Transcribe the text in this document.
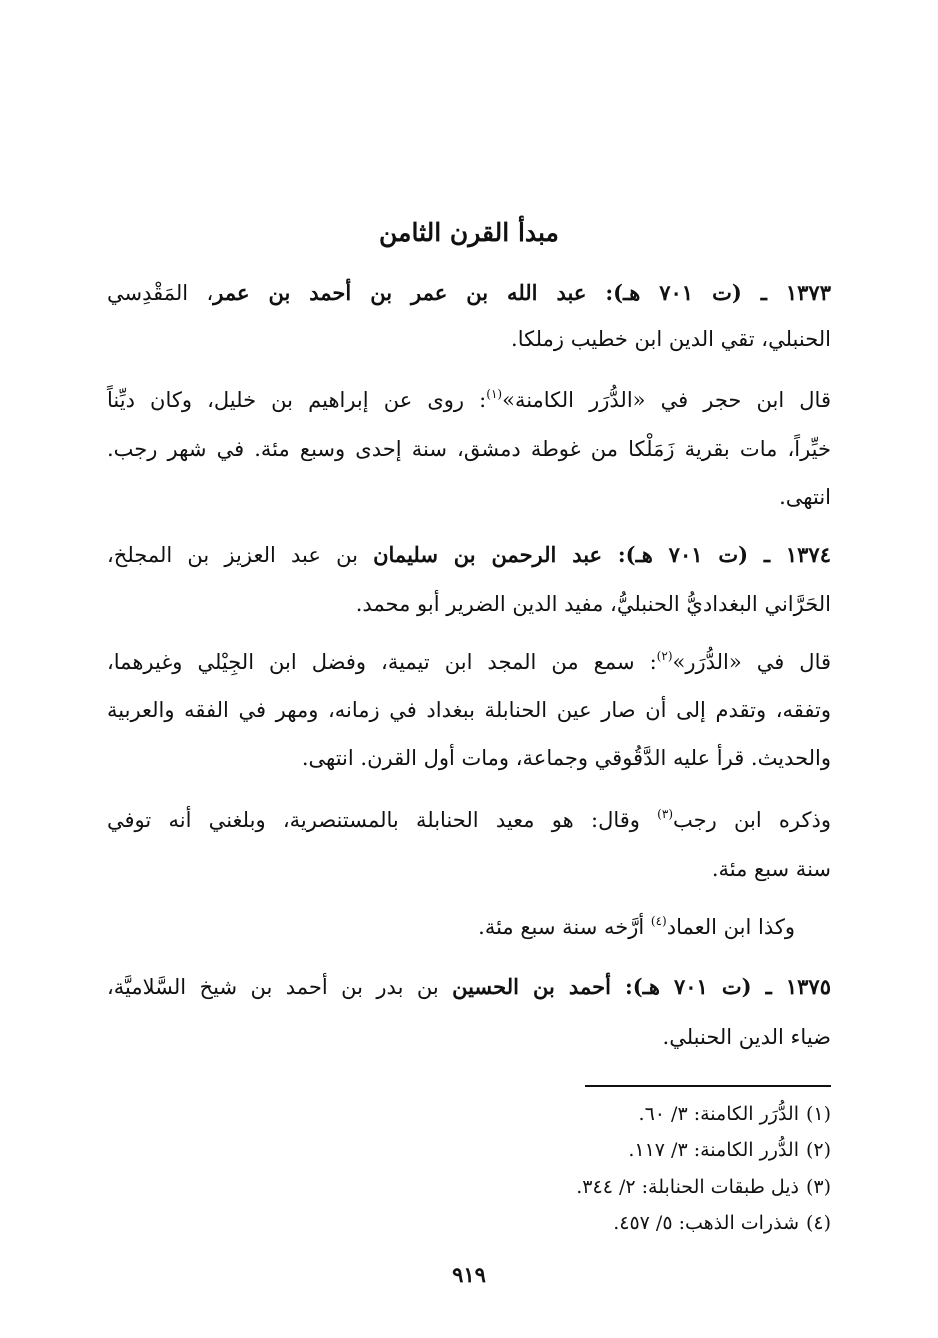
مبدأ القرن الثامن
١٣٧٣ ـ (ت ٧٠١ هـ): عبد الله بن عمر بن أحمد بن عمر، المَقْدِسي
الحنبلي، تقي الدين ابن خطيب زملكا.
قال ابن حجر في «الدُّرَر الكامنة»$^{(١)}$: روى عن إبراهيم بن خليل، وكان ديِّناً
خيِّراً، مات بقرية زَمَلْكا من غوطة دمشق، سنة إحدى وسبع مئة. في شهر رجب.
انتهى.
١٣٧٤ ـ (ت ٧٠١ هـ): عبد الرحمن بن سليمان بن عبد العزيز بن المجلخ،
الحَرَّاني البغداديُّ الحنبليُّ، مفيد الدين الضرير أبو محمد.
قال في «الدُّرَر»$^{(٢)}$: سمع من المجد ابن تيمية، وفضل ابن الجِيْلي وغيرهما،
وتفقه، وتقدم إلى أن صار عين الحنابلة ببغداد في زمانه، ومهر في الفقه والعربية
والحديث. قرأ عليه الدَّقُوقي وجماعة، ومات أول القرن. انتهى.
وذكره ابن رجب$^{(٣)}$ وقال: هو معيد الحنابلة بالمستنصرية، وبلغني أنه توفي
سنة سبع مئة.
وكذا ابن العماد$^{(٤)}$ أرَّخه سنة سبع مئة.
١٣٧٥ ـ (ت ٧٠١ هـ): أحمد بن الحسين بن بدر بن أحمد بن شيخ السَّلاميَّة،
ضياء الدين الحنبلي.
(١)الدُّرَر الكامنة: ٣/ ٦٠.
(٢)الدُّرر الكامنة: ٣/ ١١٧.
(٣)ذيل طبقات الحنابلة: ٢/ ٣٤٤.
(٤)شذرات الذهب: ٥/ ٤٥٧.
٩١٩
